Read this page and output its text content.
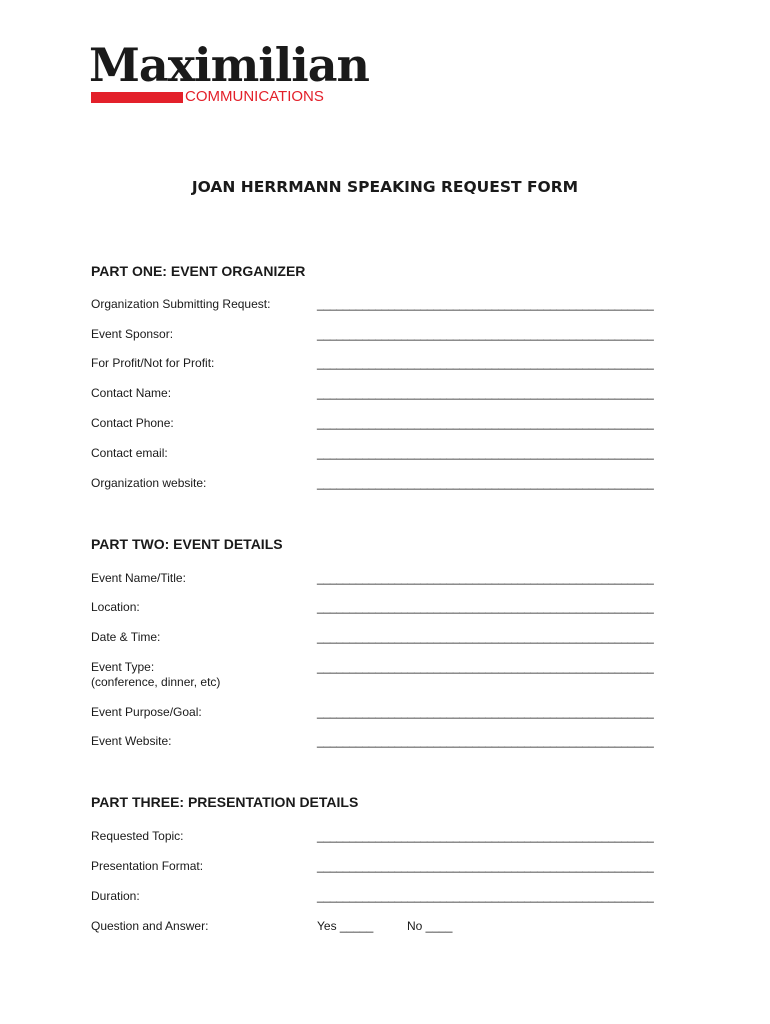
Maximilian
COMMUNICATIONS
JOAN HERRMANN SPEAKING REQUEST FORM
PART ONE: EVENT ORGANIZER
Organization Submitting Request:	____________________________________________________
Event Sponsor:	____________________________________________________
For Profit/Not for Profit:	____________________________________________________
Contact Name:	____________________________________________________
Contact Phone:	____________________________________________________
Contact email:	____________________________________________________
Organization website:	____________________________________________________
PART TWO: EVENT DETAILS
Event Name/Title:	____________________________________________________
Location:	____________________________________________________
Date & Time:	____________________________________________________
Event Type:	____________________________________________________
(conference, dinner, etc)
Event Purpose/Goal:	____________________________________________________
Event Website:	____________________________________________________
PART THREE: PRESENTATION DETAILS
Requested Topic:	____________________________________________________
Presentation Format:	____________________________________________________
Duration:	____________________________________________________
Question and Answer:	Yes _____	No ____
